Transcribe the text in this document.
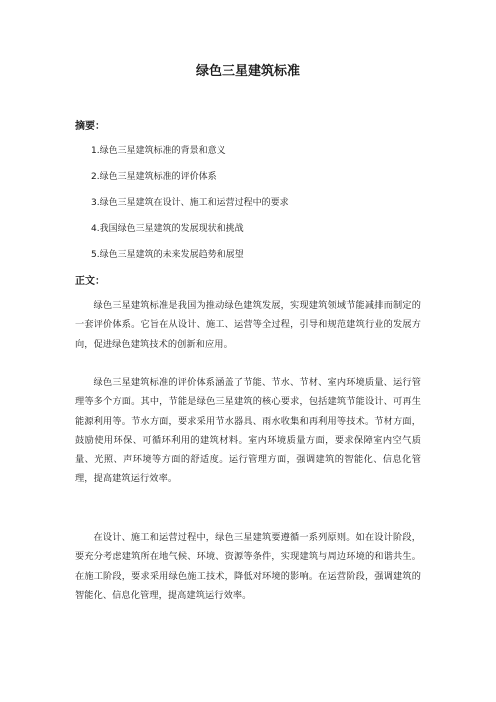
绿色三星建筑标准
摘要：
1.绿色三星建筑标准的背景和意义
2.绿色三星建筑标准的评价体系
3.绿色三星建筑在设计、施工和运营过程中的要求
4.我国绿色三星建筑的发展现状和挑战
5.绿色三星建筑的未来发展趋势和展望
正文：

绿色三星建筑标准是我国为推动绿色建筑发展，实现建筑领域节能减排而制定的一套评价体系。它旨在从设计、施工、运营等全过程，引导和规范建筑行业的发展方向，促进绿色建筑技术的创新和应用。

绿色三星建筑标准的评价体系涵盖了节能、节水、节材、室内环境质量、运行管理等多个方面。其中，节能是绿色三星建筑的核心要求，包括建筑节能设计、可再生能源利用等。节水方面，要求采用节水器具、雨水收集和再利用等技术。节材方面，鼓励使用环保、可循环利用的建筑材料。室内环境质量方面，要求保障室内空气质量、光照、声环境等方面的舒适度。运行管理方面，强调建筑的智能化、信息化管理，提高建筑运行效率。

在设计、施工和运营过程中，绿色三星建筑要遵循一系列原则。如在设计阶段，要充分考虑建筑所在地气候、环境、资源等条件，实现建筑与周边环境的和谐共生。在施工阶段，要求采用绿色施工技术，降低对环境的影响。在运营阶段，强调建筑的智能化、信息化管理，提高建筑运行效率。
